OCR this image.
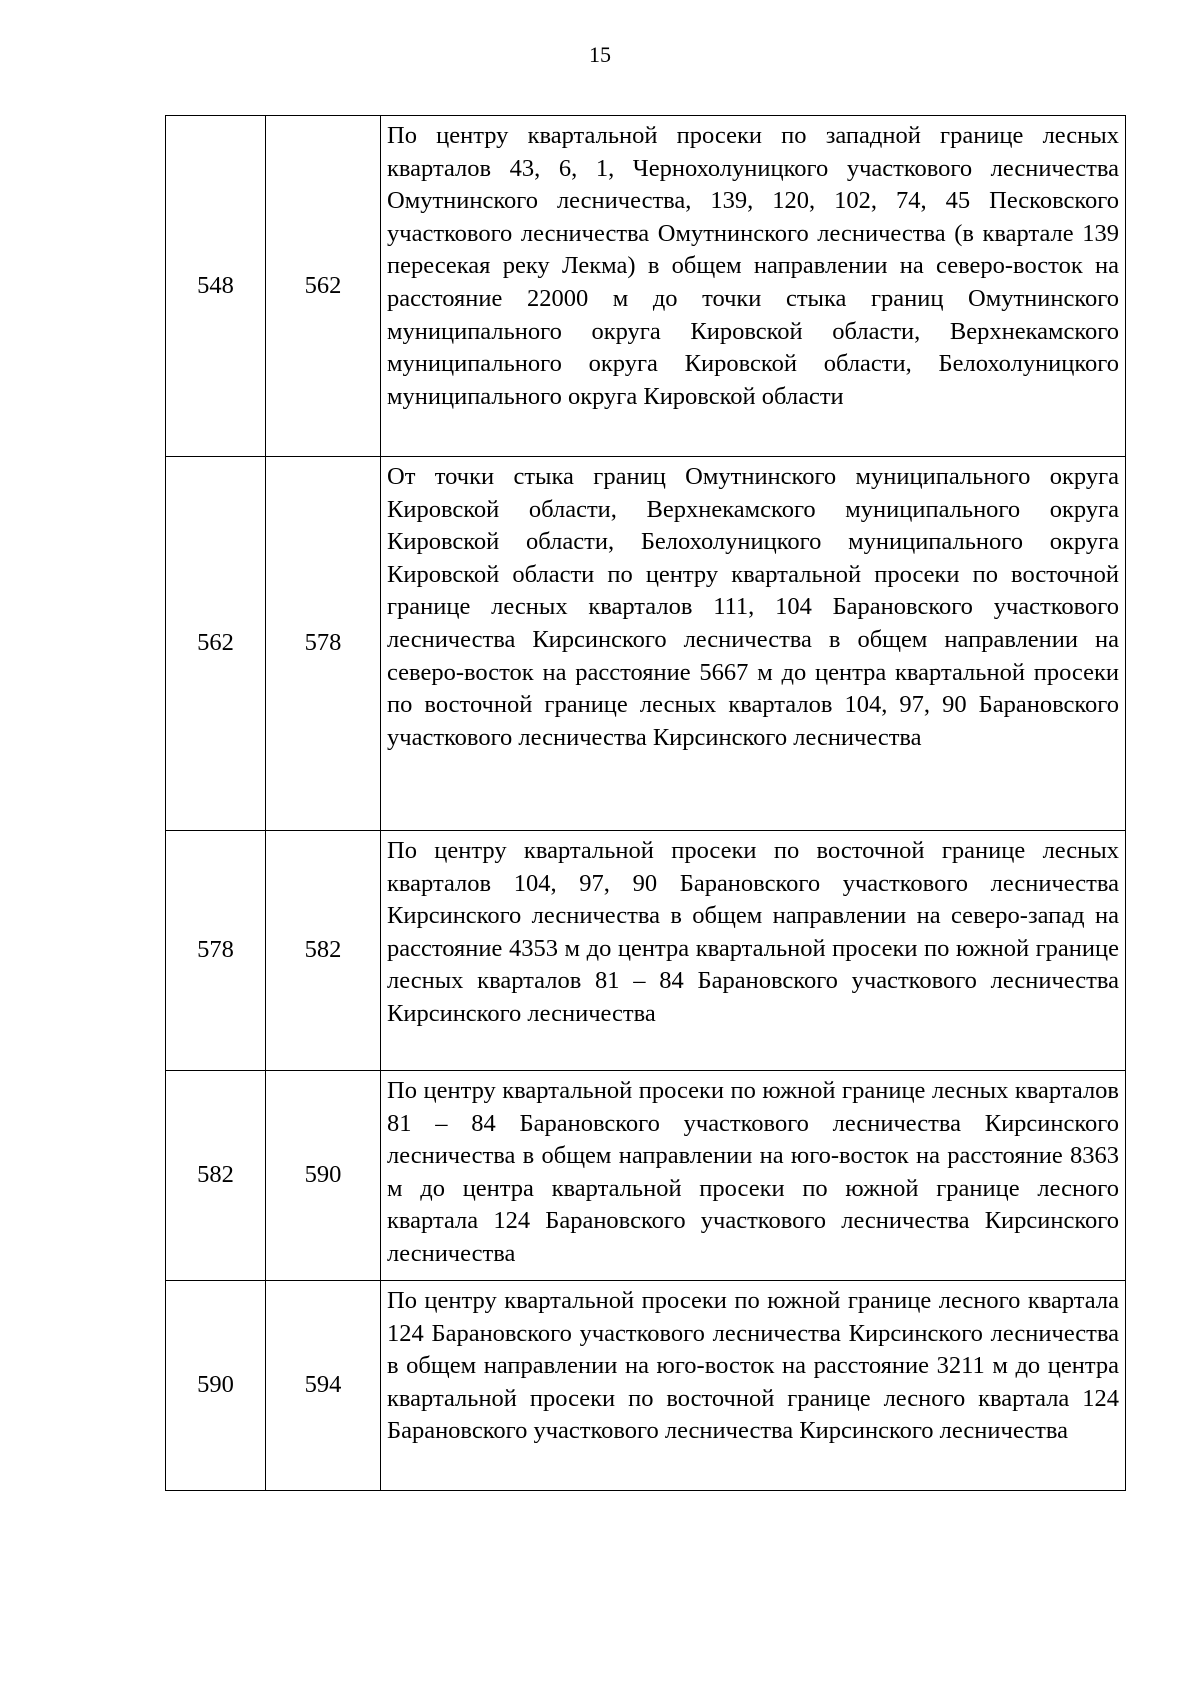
15
548	562	По центру квартальной просеки по западной границе лесных кварталов 43, 6, 1, Чернохолуницкого участкового лесничества Омутнинского лесничества, 139, 120, 102, 74, 45 Песковского участкового лесничества Омутнинского лесничества (в квартале 139 пересекая реку Лекма) в общем направлении на северо-восток на расстояние 22000 м до точки стыка границ Омутнинского муниципального округа Кировской области, Верхнекамского муниципального округа Кировской области, Белохолуницкого муниципального округа Кировской области
562	578	От точки стыка границ Омутнинского муниципального округа Кировской области, Верхнекамского муниципального округа Кировской области, Белохолуницкого муниципального округа Кировской области по центру квартальной просеки по восточной границе лесных кварталов 111, 104 Барановского участкового лесничества Кирсинского лесничества в общем направлении на северо-восток на расстояние 5667 м до центра квартальной просеки по восточной границе лесных кварталов 104, 97, 90 Барановского участкового лесничества Кирсинского лесничества
578	582	По центру квартальной просеки по восточной границе лесных кварталов 104, 97, 90 Барановского участкового лесничества Кирсинского лесничества в общем направлении на северо-запад на расстояние 4353 м до центра квартальной просеки по южной границе лесных кварталов 81 – 84 Барановского участкового лесничества Кирсинского лесничества
582	590	По центру квартальной просеки по южной границе лесных кварталов 81 – 84 Барановского участкового лесничества Кирсинского лесничества в общем направлении на юго-восток на расстояние 8363 м до центра квартальной просеки по южной границе лесного квартала 124 Барановского участкового лесничества Кирсинского лесничества
590	594	По центру квартальной просеки по южной границе лесного квартала 124 Барановского участкового лесничества Кирсинского лесничества в общем направлении на юго-восток на расстояние 3211 м до центра квартальной просеки по восточной границе лесного квартала 124 Барановского участкового лесничества Кирсинского лесничества
